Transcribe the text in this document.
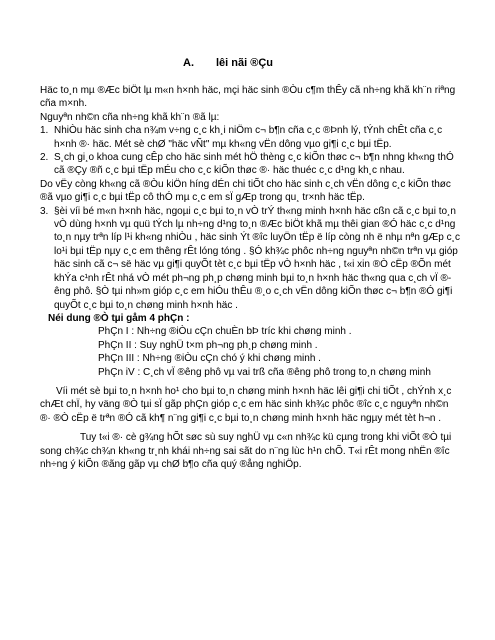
A. lêi nãi ®Çu

Häc to¸n mµ ®Æc biÖt lµ m«n h×nh häc, mçi häc sinh ®Òu c¶m thÊy cã nh÷ng khã kh¨n riªng cña m×nh.

Nguyªn nh©n cña nh÷ng khã kh¨n ®ã lµ:

1. NhiÒu häc sinh cha n¾m v÷ng c¸c kh¸i niÖm c¬ b¶n cña c¸c ®Þnh lý, tÝnh chÊt cña c¸c h×nh ®· häc. Mét sè chØ "häc vÑt" mµ kh«ng vËn dông vµo gi¶i c¸c bµi tËp.
2. S¸ch gi¸o khoa cung cÊp cho häc sinh mét hÖ thèng c¸c kiÕn thøc c¬ b¶n nhng kh«ng thÓ cã ®Çy ®ñ c¸c bµi tËp mÉu cho c¸c kiÕn thøc ®· häc thuéc c¸c d¹ng kh¸c nhau.

Do vËy còng kh«ng cã ®Òu kiÖn híng dÉn chi tiÕt cho häc sinh c¸ch vËn dông c¸c kiÕn thøc ®ã vµo gi¶i c¸c bµi tËp cô thÓ mµ c¸c em sÏ gÆp trong qu¸ tr×nh häc tËp.

3. §èi víi bé m«n h×nh häc, ngoµi c¸c bµi to¸n vÒ trÝ th«ng minh h×nh häc cßn cã c¸c bµi to¸n vÒ dùng h×nh vµ quü tÝch lµ nh÷ng d¹ng to¸n ®Æc biÖt khã mµ thêi gian ®Ó häc c¸c d¹ng to¸n nµy trªn líp l¹i kh«ng nhiÒu , häc sinh Ýt ®îc luyÖn tËp ë líp còng nh ë nhµ nªn gÆp c¸c lo¹i bµi tËp nµy c¸c em thêng rÊt lóng tóng . §Ó kh¾c phôc nh÷ng nguyªn nh©n trªn vµ gióp häc sinh cã c¬ së häc vµ gi¶i quyÕt tèt c¸c bµi tËp vÒ h×nh häc , t«i xin ®Ò cËp ®Õn mét khÝa c¹nh rÊt nhá vÒ mét ph¬ng ph¸p chøng minh bµi to¸n h×nh häc th«ng qua c¸ch vÏ ®êng phô. §Ò tµi nh»m gióp c¸c em hiÓu thÊu ®¸o c¸ch vËn dông kiÕn thøc c¬ b¶n ®Ó gi¶i quyÕt c¸c bµi to¸n chøng minh h×nh häc .

Néi dung ®Ò tµi gåm 4 phÇn :

PhÇn I : Nh÷ng ®iÒu cÇn chuÈn bÞ tríc khi chøng minh .

PhÇn II : Suy nghÜ t×m ph¬ng ph¸p chøng minh .

PhÇn III : Nh÷ng ®iÒu cÇn chó ý khi chøng minh .

PhÇn iV : C¸ch vÏ ®êng phô vµ vai trß cña ®êng phô trong to¸n chøng minh

Víi mét sè bµi to¸n h×nh ho¹ cho bµi to¸n chøng minh h×nh häc lêi gi¶i chi tiÕt , chÝnh x¸c chÆt chÏ, hy väng ®Ò tµi sÏ gãp phÇn gióp c¸c em häc sinh kh¾c phôc ®îc c¸c nguyªn nh©n ®· ®Ò cËp ë trªn ®Ó cã kh¶ n¨ng gi¶i c¸c bµi to¸n chøng minh h×nh häc ngµy mét tèt h¬n .

Tuy t«i ®· cè g¾ng hÕt søc sù suy nghÜ vµ c«n nh¾c kü cµng trong khi viÕt ®Ò tµi song ch¾c ch¾n kh«ng tr¸nh khái nh÷ng sai sãt do n¨ng lùc h¹n chÕ. T«i rÊt mong nhËn ®îc nh÷ng ý kiÕn ®ãng gãp vµ chØ b¶o cña quý ®ång nghiÖp.
